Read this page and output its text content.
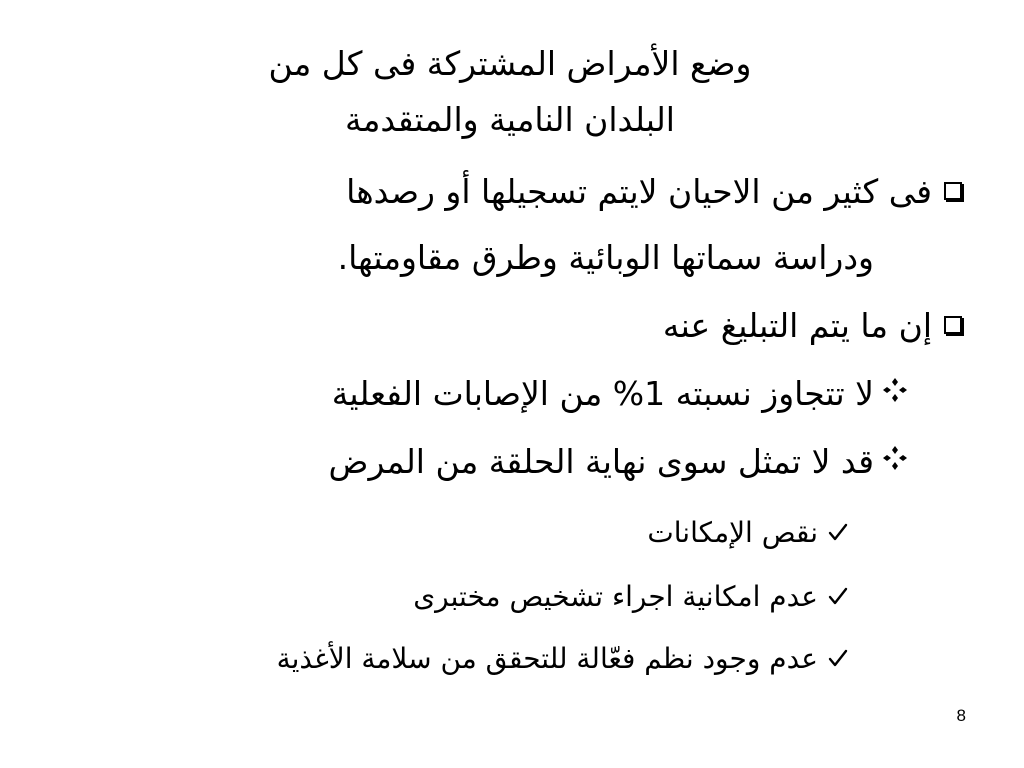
وضع الأمراض المشتركة فى كل من
البلدان النامية والمتقدمة
فى كثير من الاحيان لايتم تسجيلها أو رصدها
ودراسة سماتها الوبائية وطرق مقاومتها.
إن ما يتم التبليغ عنه
لا تتجاوز نسبته 1% من الإصابات الفعلية
قد لا تمثل سوى نهاية الحلقة من المرض
نقص الإمكانات
عدم امكانية اجراء تشخيص مختبرى
عدم وجود نظم فعّالة للتحقق من سلامة الأغذية
8
